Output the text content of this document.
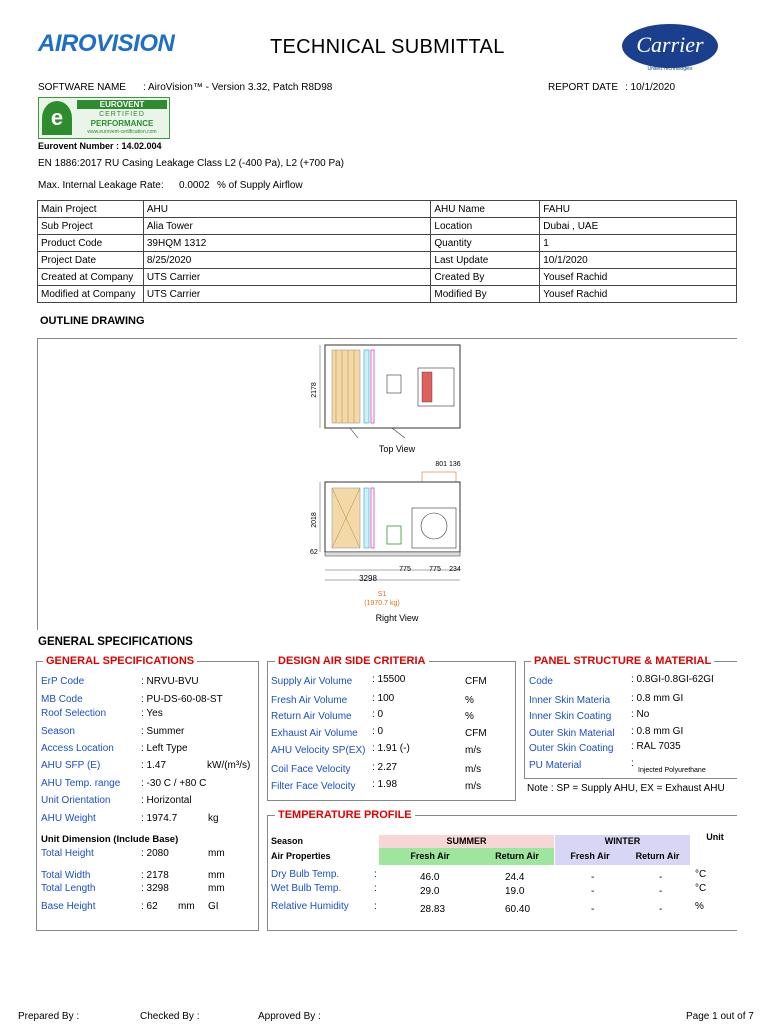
AIROVISION	TECHNICAL SUBMITTAL	Carrier
United Technologies
SOFTWARE NAME : AiroVision™ - Version 3.32, Patch R8D98	REPORT DATE : 10/1/2020
e
EUROVENT
CERTIFIED
PERFORMANCE
www.eurovent-certification.com
Eurovent Number : 14.02.004
EN 1886:2017 RU Casing Leakage Class L2 (-400 Pa), L2 (+700 Pa)
Max. Internal Leakage Rate: 0.0002 % of Supply Airflow
Main Project	AHU	AHU Name	FAHU
Sub Project	Alia Tower	Location	Dubai , UAE
Product Code	39HQM 1312	Quantity	1
Project Date	8/25/2020	Last Update	10/1/2020
Created at Company	UTS Carrier	Created By	Yousef Rachid
Modified at Company	UTS Carrier	Modified By	Yousef Rachid
OUTLINE DRAWING
2178
Top View
801 136
2018
62
775	775 234
3298
S1
(1970.7 kg)
Right View
GENERAL SPECIFICATIONS
GENERAL SPECIFICATIONS
ErP Code	: NRVU-BVU
MB Code	: PU-DS-60-08-ST
Roof Selection	: Yes
Season	: Summer
Access Location	: Left Type
AHU SFP (E)	: 1.47	kW/(m³/s)
AHU Temp. range : -30 C / +80 C
Unit Orientation	: Horizontal
AHU Weight	: 1974.7	kg
Unit Dimension (Include Base)
Total Height	: 2080	mm
Total Width	: 2178	mm
Total Length	: 3298	mm
Base Height	: 62 mm GI
DESIGN AIR SIDE CRITERIA
Supply Air Volume : 15500	CFM
Fresh Air Volume : 100	%
Return Air Volume : 0	%
Exhaust Air Volume : 0	CFM
AHU Velocity SP(EX) : 1.91 (-)	m/s
Coil Face Velocity : 2.27	m/s
Filter Face Velocity : 1.98	m/s
PANEL STRUCTURE & MATERIAL
Code	: 0.8GI-0.8GI-62GI
Inner Skin Materia : 0.8 mm GI
Inner Skin Coating : No
Outer Skin Material : 0.8 mm GI
Outer Skin Coating : RAL 7035
PU Material	:
Injected Polyurethane
Note : SP = Supply AHU, EX = Exhaust AHU
TEMPERATURE PROFILE
Season	SUMMER	WINTER	Unit
Air Properties	Fresh Air	Return Air	Fresh Air	Return Air
Dry Bulb Temp.	:	46.0	24.4	-	-	°C
Wet Bulb Temp.	:	29.0	19.0	-	-	°C
Relative Humidity	:	28.83	60.40	-	-	%
Prepared By :	Checked By :	Approved By :	Page 1 out of 7
